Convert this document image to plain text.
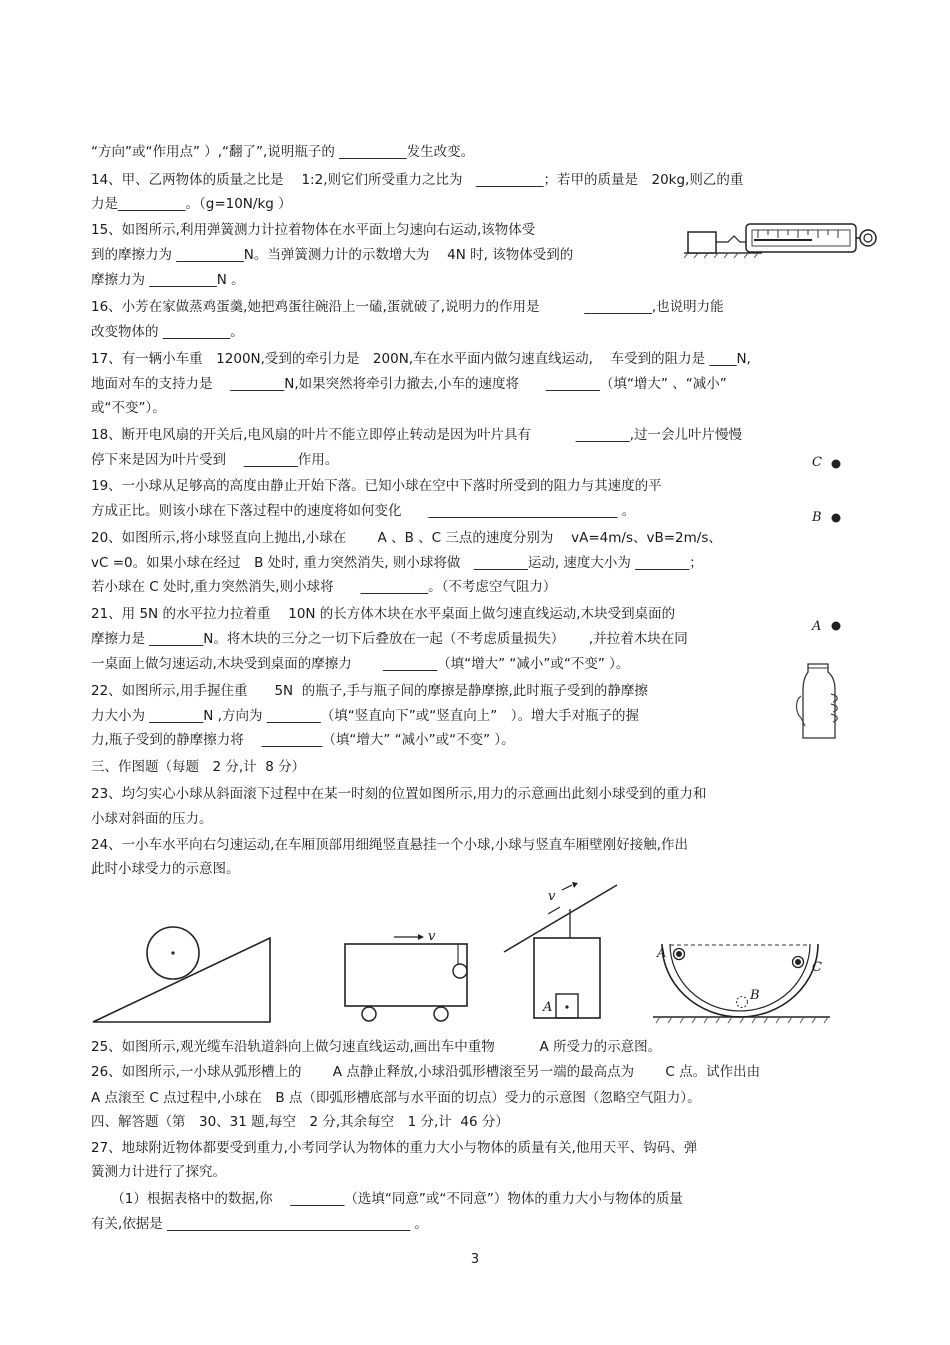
“方向”或“作用点” ）,“翻了”,说明瓶子的 __________发生改变。
14、甲、乙两物体的质量之比是　 1:2,则它们所受重力之比为　__________；若甲的质量是　20kg,则乙的重
力是__________。（g=10N/kg ）
15、如图所示,利用弹簧测力计拉着物体在水平面上匀速向右运动,该物体受
到的摩擦力为 __________N。当弹簧测力计的示数增大为　 4N 时, 该物体受到的
摩擦力为 __________N 。
16、小芳在家做蒸鸡蛋羹,她把鸡蛋往碗沿上一磕,蛋就破了,说明力的作用是　　　 __________,也说明力能
改变物体的 __________。
17、有一辆小车重　1200N,受到的牵引力是　200N,车在水平面内做匀速直线运动,　 车受到的阻力是 ____N,
地面对车的支持力是　 ________N,如果突然将牵引力撤去,小车的速度将　　________（填“增大” 、“减小”
或“不变”）。
18、断开电风扇的开关后,电风扇的叶片不能立即停止转动是因为叶片具有　　　 ________,过一会儿叶片慢慢
停下来是因为叶片受到　 ________作用。
19、一小球从足够高的高度由静止开始下落。已知小球在空中下落时所受到的阻力与其速度的平
方成正比。则该小球在下落过程中的速度将如何变化　　____________________________ 。
20、如图所示,将小球竖直向上抛出,小球在　　 A 、B 、C 三点的速度分别为　 vA=4m/s、vB=2m/s、
vC =0。如果小球在经过　B 处时, 重力突然消失, 则小球将做　________运动, 速度大小为 ________；
若小球在 C 处时,重力突然消失,则小球将　　__________。（不考虑空气阻力）
21、用 5N 的水平拉力拉着重　 10N 的长方体木块在水平桌面上做匀速直线运动,木块受到桌面的
摩擦力是 ________N。将木块的三分之一切下后叠放在一起（不考虑质量损失）　　 ,并拉着木块在同
一桌面上做匀速运动,木块受到桌面的摩擦力　　 ________（填“增大” “减小”或“不变” ）。
22、如图所示,用手握住重　　5N  的瓶子,手与瓶子间的摩擦是静摩擦,此时瓶子受到的静摩擦
力大小为 ________N ,方向为 ________（填“竖直向下”或“竖直向上”　）。增大手对瓶子的握
力,瓶子受到的静摩擦力将　 _________（填“增大” “减小”或“不变” ）。
三、作图题（每题　2 分,计  8 分）
23、均匀实心小球从斜面滚下过程中在某一时刻的位置如图所示,用力的示意画出此刻小球受到的重力和
小球对斜面的压力。
24、一小车水平向右匀速运动,在车厢顶部用细绳竖直悬挂一个小球,小球与竖直车厢壁刚好接触,作出
此时小球受力的示意图。
25、如图所示,观光缆车沿轨道斜向上做匀速直线运动,画出车中重物　　　 A 所受力的示意图。
26、如图所示,一小球从弧形槽上的　　 A 点静止释放,小球沿弧形槽滚至另一端的最高点为　　 C 点。试作出由
A 点滚至 C 点过程中,小球在　B 点（即弧形槽底部与水平面的切点）受力的示意图（忽略空气阻力）。
四、解答题（第　30、31 题,每空　2 分,其余每空　1 分,计  46 分）
27、地球附近物体都要受到重力,小考同学认为物体的重力大小与物体的质量有关,他用天平、钩码、弹
簧测力计进行了探究。
　　（1）根据表格中的数据,你　 ________（选填“同意”或“不同意”）物体的重力大小与物体的质量
有关,依据是 ____________________________________ 。
C
B
A
v
v
A
A
B
C
3
